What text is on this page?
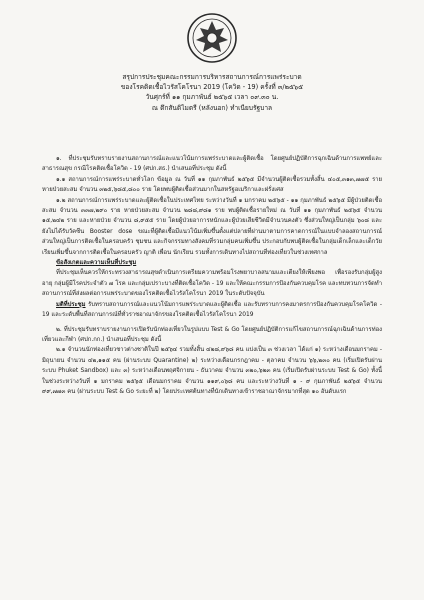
สรุปการประชุมคณะกรรมการบริหารสถานการณ์การแพร่ระบาด
ของโรคติดเชื้อไวรัสโคโรนา 2019 (โควิด - 19) ครั้งที่ ๓/๒๕๖๕
วันศุกร์ที่ ๑๑ กุมภาพันธ์ ๒๕๖๕ เวลา ๐๙.๓๐ น.
ณ ตึกสันติไมตรี (หลังนอก) ทำเนียบรัฐบาล

๑. ที่ประชุมรับทราบรายงานสถานการณ์และแนวโน้มการแพร่ระบาดและผู้ติดเชื้อ โดยศูนย์ปฏิบัติการฉุกเฉินด้านการแพทย์และสาธารณสุข กรณีโรคติดเชื้อโควิด - 19 (ศปก.สธ.) นำเสนอที่ประชุม ดังนี้

๑.๑ สถานการณ์การแพร่ระบาดทั่วโลก ข้อมูล ณ วันที่ ๑๑ กุมภาพันธ์ ๒๕๖๕ มีจำนวนผู้ติดเชื้อรวมทั้งสิ้น ๔๐๕,๓๑๓,๗๗๕ ราย หายป่วยสะสม จำนวน ๓๒๕,๖๘๕,๘๐๐ ราย โดยพบผู้ติดเชื้อส่วนมากในสหรัฐอเมริกาและฝรั่งเศส

๑.๒ สถานการณ์การแพร่ระบาดและผู้ติดเชื้อในประเทศไทย ระหว่างวันที่ ๑ มกราคม ๒๕๖๕ - ๑๑ กุมภาพันธ์ ๒๕๖๕ มีผู้ป่วยติดเชื้อสะสม จำนวน ๓๓๗,๒๙๐ ราย หายป่วยสะสม จำนวน ๒๘๘,๙๘๑ ราย พบผู้ติดเชื้อรายใหม่ ณ วันที่ ๑๑ กุมภาพันธ์ ๒๕๖๕ จำนวน ๑๕,๒๔๒ ราย และหายป่วย จำนวน ๘,๙๕๕ ราย โดยผู้ป่วยอาการหนักและผู้ป่วยเสียชีวิตมีจำนวนคงตัว ซึ่งส่วนใหญ่เป็นกลุ่ม ๖๐๘ และยังไม่ได้รับวัคซีน Booster dose ขณะที่ผู้ติดเชื้อมีแนวโน้มเพิ่มขึ้นตั้งแต่ปลายที่ผ่านมาตามการคาดการณ์ในแบบจำลองสถานการณ์ ส่วนใหญ่เป็นการติดเชื้อในครอบครัว ชุมชน และกิจกรรมทางสังคมที่รวมกลุ่มคนเพิ่มขึ้น ประกอบกับพบผู้ติดเชื้อในกลุ่มเด็กเล็กและเด็กวัยเรียนเพิ่มขึ้นจากการติดเชื้อในครอบครัว ญาติ เพื่อน นักเรียน รวมทั้งการเดินทางไปสถานที่ท่องเที่ยวในช่วงเทศกาล

ข้อสังเกตและความเห็นที่ประชุม

ที่ประชุมเห็นควรให้กระทรวงสาธารณสุขดำเนินการเตรียมความพร้อมโรงพยาบาลสนามและเตียงให้เพียงพอ เพื่อรองรับกลุ่มผู้สูงอายุ กลุ่มผู้มีโรคประจำตัว ๗ โรค และกลุ่มเปราะบางที่ติดเชื้อโควิด - 19 และให้คณะกรรมการป้องกันควบคุมโรค และทบทวนการจัดทำสถานการณ์ที่ส่งผลต่อการแพร่ระบาดของโรคติดเชื้อไวรัสโคโรนา 2019 ในระดับปัจจุบัน

มติที่ประชุม รับทราบสถานการณ์และแนวโน้มการแพร่ระบาดและผู้ติดเชื้อ และรับทราบการคงมาตรการป้องกันควบคุมโรคโควิด - 19 และระดับพื้นที่สถานการณ์ที่ทั่วราชอาณาจักรของโรคติดเชื้อไวรัสโคโรนา 2019

๒. ที่ประชุมรับทราบรายงานการเปิดรับนักท่องเที่ยวในรูปแบบ Test & Go โดยศูนย์ปฏิบัติการแก้ไขสถานการณ์ฉุกเฉินด้านการท่องเที่ยวและกีฬา (ศปก.กก.) นำเสนอที่ประชุม ดังนี้

๒.๑ จำนวนนักท่องเที่ยวชาวต่างชาติในปี ๒๕๖๔ รวมทั้งสิ้น ๔๒๘,๙๖๘ คน แบ่งเป็น ๓ ช่วงเวลา ได้แก่ ๑) ระหว่างเดือนมกราคม - มิถุนายน จำนวน ๔๒,๑๑๕ คน (ผ่านระบบ Quarantine) ๒) ระหว่างเดือนกรกฎาคม - ตุลาคม จำนวน ๖๖,๒๓๐ คน (เริ่มเปิดรับผ่านระบบ Phuket Sandbox) และ ๓) ระหว่างเดือนพฤศจิกายน - ธันวาคม จำนวน ๓๒๐,๖๒๓ คน (เริ่มเปิดรับผ่านระบบ Test & Go) ทั้งนี้ ในช่วงระหว่างวันที่ ๑ มกราคม ๒๕๖๕ เดือนมกราคม จำนวน ๑๑๙,๐๖๘ คน และระหว่างวันที่ ๑ - ๙ กุมภาพันธ์ ๒๕๖๕ จำนวน ๙๙,๗๗๓ คน (ผ่านระบบ Test & Go ระยะที่ ๒) โดยประเทศต้นทางที่นักเดินทางเข้าราชอาณาจักรมากที่สุด ๑๐ อันดับแรก
